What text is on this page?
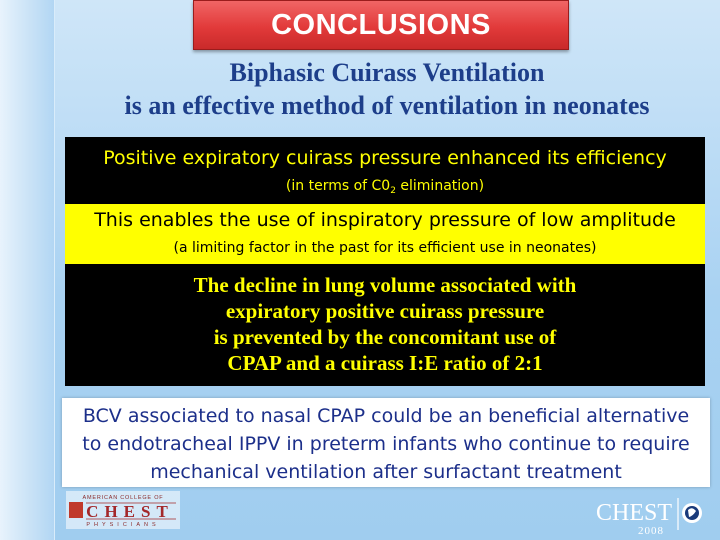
CONCLUSIONS
Biphasic Cuirass Ventilation
is an effective method of ventilation in neonates
Positive expiratory cuirass pressure enhanced its efficiency
(in terms of $C0_2$ elimination)
This enables the use of inspiratory pressure of low amplitude
(a limiting factor in the past for its efficient use in neonates)
The decline in lung volume associated with
expiratory positive cuirass pressure
is prevented by the concomitant use of
CPAP and a cuirass I:E ratio of 2:1
BCV associated to nasal CPAP could be an beneficial alternative
to endotracheal IPPV in preterm infants who continue to require
mechanical ventilation after surfactant treatment
AMERICAN COLLEGE OF
CHEST
PHYSICIANS	CHEST
2008
